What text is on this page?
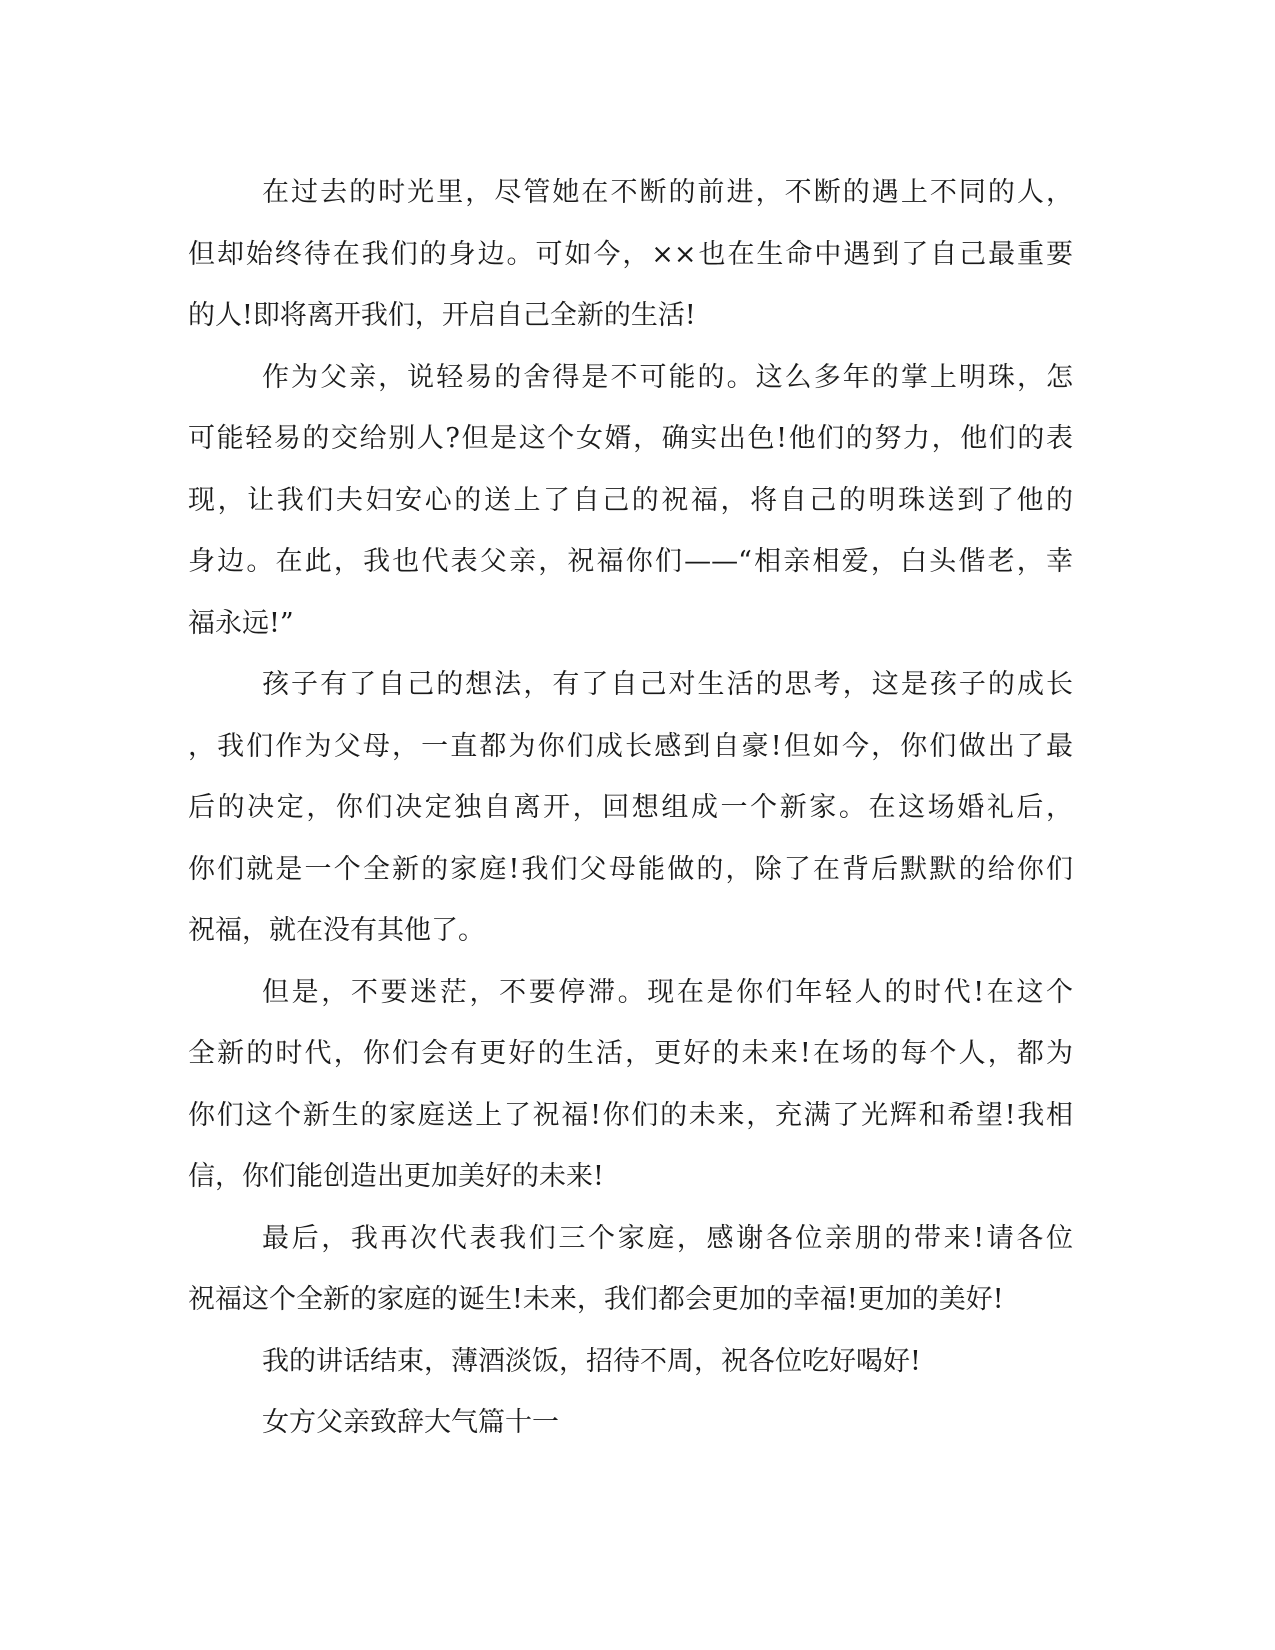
在过去的时光里，尽管她在不断的前进，不断的遇上不同的人，
但却始终待在我们的身边。可如今，××也在生命中遇到了自己最重要
的人!即将离开我们，开启自己全新的生活!
作为父亲，说轻易的舍得是不可能的。这么多年的掌上明珠，怎
可能轻易的交给别人?但是这个女婿，确实出色!他们的努力，他们的表
现，让我们夫妇安心的送上了自己的祝福，将自己的明珠送到了他的
身边。在此，我也代表父亲，祝福你们——“相亲相爱，白头偕老，幸
福永远!”
孩子有了自己的想法，有了自己对生活的思考，这是孩子的成长
，我们作为父母，一直都为你们成长感到自豪!但如今，你们做出了最
后的决定，你们决定独自离开，回想组成一个新家。在这场婚礼后，
你们就是一个全新的家庭!我们父母能做的，除了在背后默默的给你们
祝福，就在没有其他了。
但是，不要迷茫，不要停滞。现在是你们年轻人的时代!在这个
全新的时代，你们会有更好的生活，更好的未来!在场的每个人，都为
你们这个新生的家庭送上了祝福!你们的未来，充满了光辉和希望!我相
信，你们能创造出更加美好的未来!
最后，我再次代表我们三个家庭，感谢各位亲朋的带来!请各位
祝福这个全新的家庭的诞生!未来，我们都会更加的幸福!更加的美好!
我的讲话结束，薄酒淡饭，招待不周，祝各位吃好喝好!
女方父亲致辞大气篇十一
